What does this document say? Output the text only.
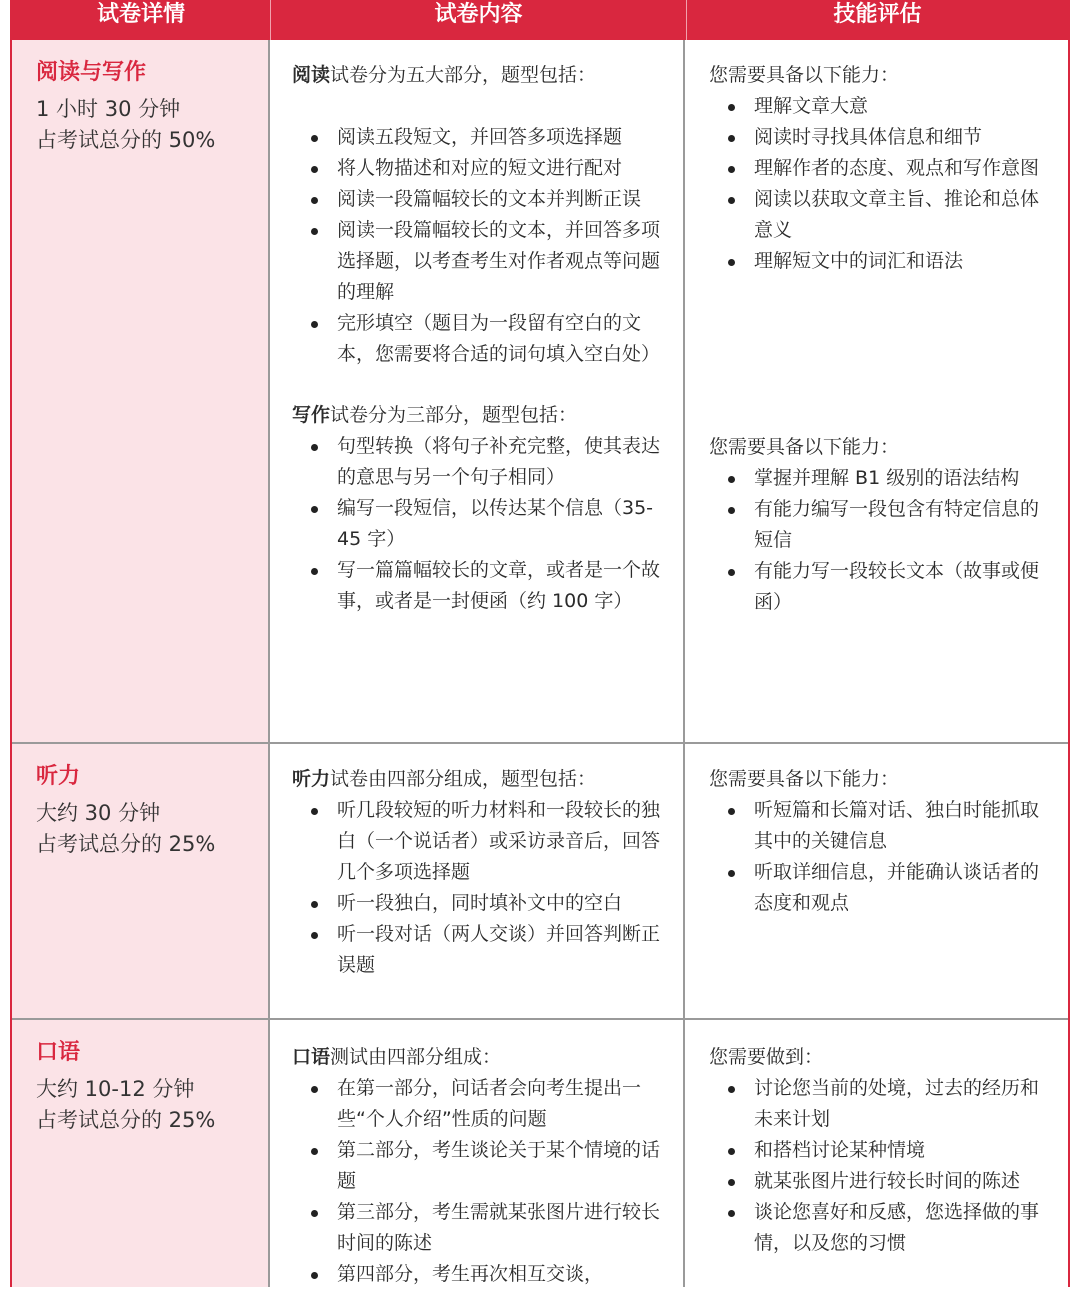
试卷详情	试卷内容	技能评估
阅读与写作
1 小时 30 分钟
占考试总分的 50%
阅读试卷分为五大部分，题型包括：
阅读五段短文，并回答多项选择题
将人物描述和对应的短文进行配对
阅读一段篇幅较长的文本并判断正误
阅读一段篇幅较长的文本，并回答多项选择题，以考查考生对作者观点等问题的理解
完形填空（题目为一段留有空白的文本，您需要将合适的词句填入空白处）
写作试卷分为三部分，题型包括：
句型转换（将句子补充完整，使其表达的意思与另一个句子相同）
编写一段短信，以传达某个信息（35-45 字）
写一篇篇幅较长的文章，或者是一个故事，或者是一封便函（约 100 字）
您需要具备以下能力：
理解文章大意
阅读时寻找具体信息和细节
理解作者的态度、观点和写作意图
阅读以获取文章主旨、推论和总体意义
理解短文中的词汇和语法
您需要具备以下能力：
掌握并理解 B1 级别的语法结构
有能力编写一段包含有特定信息的短信
有能力写一段较长文本（故事或便函）
听力
大约 30 分钟
占考试总分的 25%
听力试卷由四部分组成，题型包括：
听几段较短的听力材料和一段较长的独白（一个说话者）或采访录音后，回答几个多项选择题
听一段独白，同时填补文中的空白
听一段对话（两人交谈）并回答判断正误题
您需要具备以下能力：
听短篇和长篇对话、独白时能抓取其中的关键信息
听取详细信息，并能确认谈话者的态度和观点
口语
大约 10-12 分钟
占考试总分的 25%
口语测试由四部分组成：
在第一部分，问话者会向考生提出一些“个人介绍”性质的问题
第二部分，考生谈论关于某个情境的话题
第三部分，考生需就某张图片进行较长时间的陈述
第四部分，考生再次相互交谈，
您需要做到：
讨论您当前的处境，过去的经历和未来计划
和搭档讨论某种情境
就某张图片进行较长时间的陈述
谈论您喜好和反感，您选择做的事情，以及您的习惯
